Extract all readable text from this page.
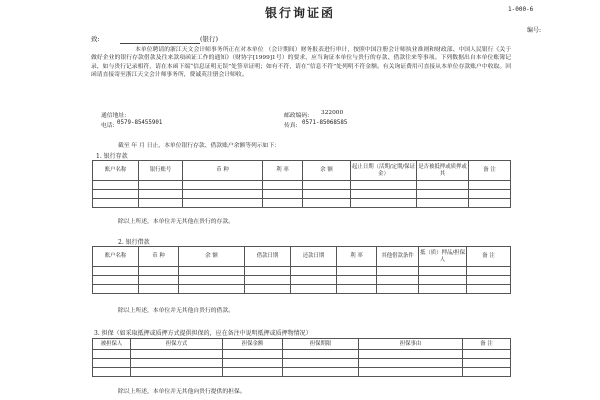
银行询证函	1-000-6
编号:
致:	(银行)
本单位聘请的浙江天文会计师事务所正在对本单位 （会计期间）财务报表进行审计，按照中国注册会计师执业准则和财政部、中国人民银行《关于做好企业的银行存款借款及往来款项函证工作的通知》（财协字[1999]1号）的要求，应当询证本单位与贵行的存款、借款往来等事项。下列数据出自本单位账簿记录，如与贵行记录相符，请在本函下端“信息证明无误”处签章证明；如有不符，请在“信息不符”处列明不符金额。有关询证费用可直接从本单位存款账户中收取。回函请直接寄至浙江天文会计师事务所，费诚英注册会计师收。
通信地址:	邮政编码: 322000
电话: 0579-85455901	传真: 0571-85068585
截至 年 月 日止，本单位银行存款、借款账户余额等列示如下：
1. 银行存款
账户名称	银行账号	币 种	利 率	余 额	起止日期（活期/定期/保证金）	是否被抵押或质押或其	备 注

除以上所述，本单位并无其他在贵行的存款。
2. 银行借款
账户名称	币 种	余 额	借款日期	还款日期	利 率	其他借款条件	抵（质）押品/担保人	备 注

除以上所述，本单位并无其他自贵行的借款。
3. 担保（如采取抵押或质押方式提供担保的，应在备注中说明抵押或质押物情况）
被担保人	担保方式	担保金额	担保期限	担保事由	备 注

除以上所述，本单位并无其他向贵行提供的担保。
